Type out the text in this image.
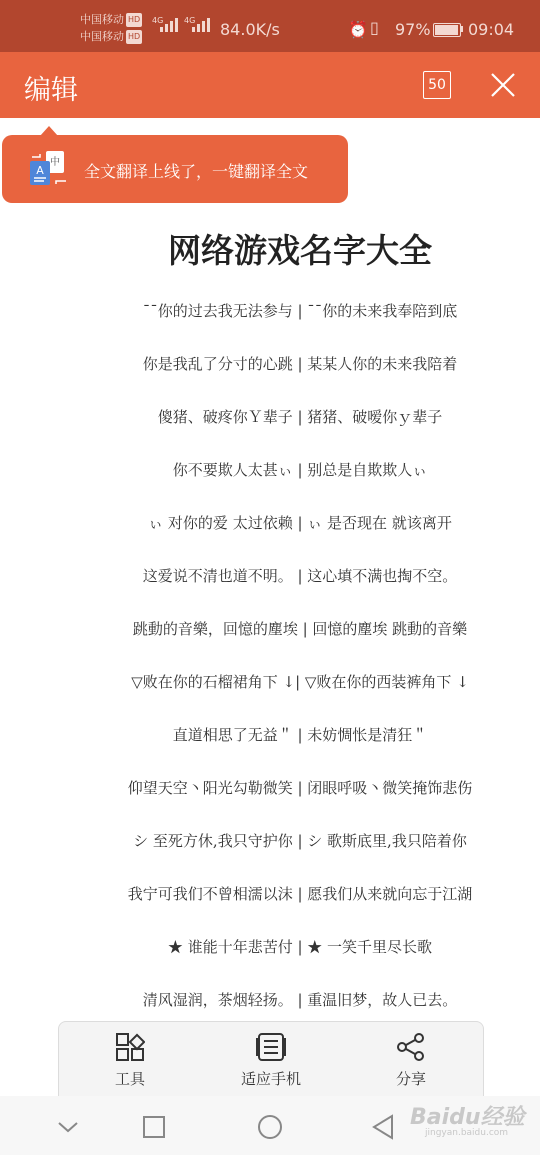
中国移动 HD
中国移动 HD
4G	4G 84.0K/s	⏰ ▯ 97% 09:04
编辑	50
中
A	全文翻译上线了，一键翻译全文
网络游戏名字大全
ˉˉ你的过去我无法参与 | ˉˉ你的未来我奉陪到底
你是我乱了分寸的心跳 | 某某人你的未来我陪着
傻猪、破疼你Ｙ辈子 | 猪猪、破嗳你ｙ辈子
你不要欺人太甚ぃ | 别总是自欺欺人ぃ
ぃ 对你的爱 太过依赖 | ぃ 是否现在 就该离开
这爱说不清也道不明。 | 这心填不满也掏不空。
跳動的音樂，回憶的塵埃 | 回憶的塵埃 跳動的音樂
▽败在你的石榴裙角下 ↓| ▽败在你的西装裤角下 ↓
直道相思了无益＂ | 未妨惆怅是清狂＂
仰望天空丶阳光勾勒微笑 | 闭眼呼吸丶微笑掩饰悲伤
シ 至死方休,我只守护你 | シ 歌斯底里,我只陪着你
我宁可我们不曾相濡以沫 | 愿我们从来就向忘于江湖
★ 谁能十年悲苦付 | ★ 一笑千里尽长歌
清风湿润，茶烟轻扬。 | 重温旧梦，故人已去。
工具	适应手机	分享
Baidu经验
jingyan.baidu.com
